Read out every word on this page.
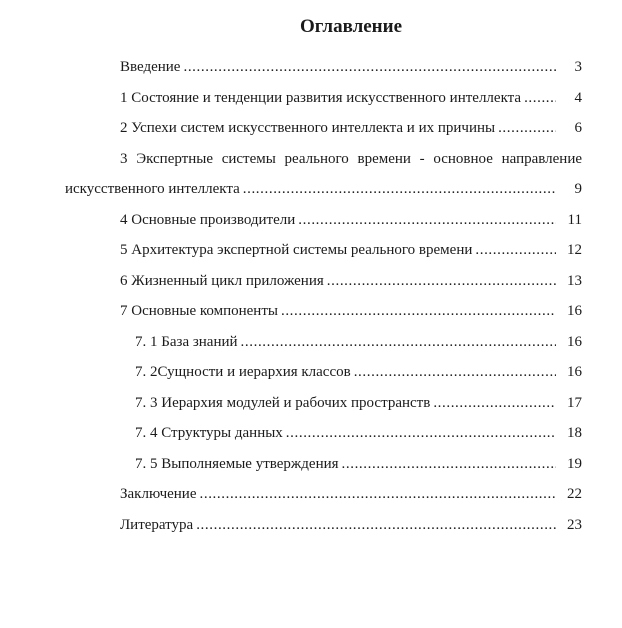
Оглавление
Введение .....	3
1 Состояние и тенденции развития искусственного интеллекта .....	4
2 Успехи систем искусственного интеллекта и их причины .....	6
3 Экспертные системы реального времени - основное направление
искусственного интеллекта .....	9
4 Основные производители .....	11
5 Архитектура экспертной системы реального времени .....	12
6 Жизненный цикл приложения .....	13
7 Основные компоненты .....	16
7. 1 База знаний .....	16
7. 2Сущности и иерархия классов .....	16
7. 3 Иерархия модулей и рабочих пространств .....	17
7. 4 Структуры данных .....	18
7. 5 Выполняемые утверждения .....	19
Заключение .....	22
Литература .....	23
